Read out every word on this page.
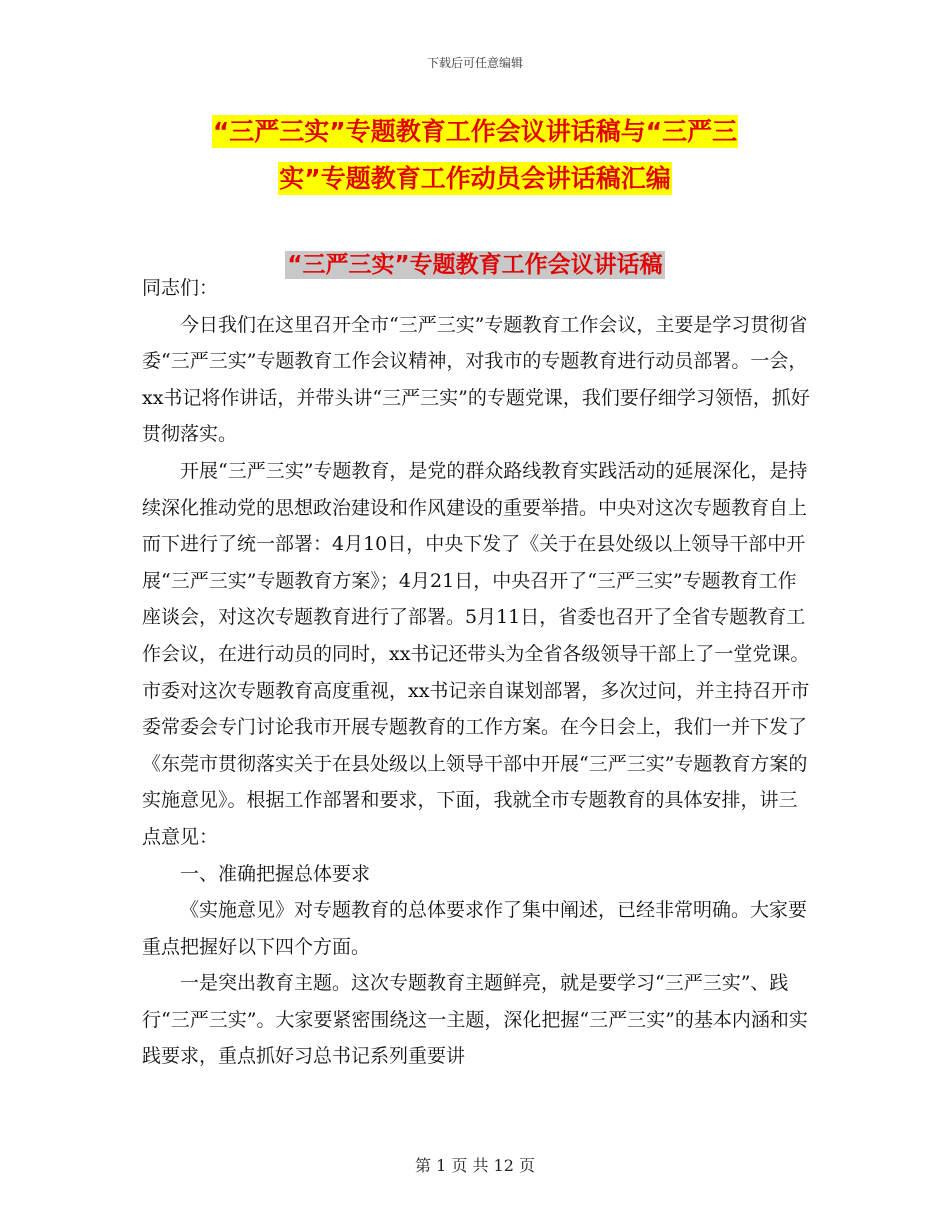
下载后可任意编辑
“三严三实”专题教育工作会议讲话稿与“三严三
实”专题教育工作动员会讲话稿汇编
“三严三实”专题教育工作会议讲话稿

同志们：

今日我们在这里召开全市“三严三实”专题教育工作会议，主要是学习贯彻省委“三严三实”专题教育工作会议精神，对我市的专题教育进行动员部署。一会，xx书记将作讲话，并带头讲“三严三实”的专题党课，我们要仔细学习领悟，抓好贯彻落实。

开展“三严三实”专题教育，是党的群众路线教育实践活动的延展深化，是持续深化推动党的思想政治建设和作风建设的重要举措。中央对这次专题教育自上而下进行了统一部署：4月10日，中央下发了《关于在县处级以上领导干部中开展“三严三实”专题教育方案》；4月21日，中央召开了“三严三实”专题教育工作座谈会，对这次专题教育进行了部署。5月11日，省委也召开了全省专题教育工作会议，在进行动员的同时，xx书记还带头为全省各级领导干部上了一堂党课。市委对这次专题教育高度重视，xx书记亲自谋划部署，多次过问，并主持召开市委常委会专门讨论我市开展专题教育的工作方案。在今日会上，我们一并下发了《东莞市贯彻落实关于在县处级以上领导干部中开展“三严三实”专题教育方案的实施意见》。根据工作部署和要求，下面，我就全市专题教育的具体安排，讲三点意见：

一、准确把握总体要求

《实施意见》对专题教育的总体要求作了集中阐述，已经非常明确。大家要重点把握好以下四个方面。

一是突出教育主题。这次专题教育主题鲜亮，就是要学习“三严三实”、践行“三严三实”。大家要紧密围绕这一主题，深化把握“三严三实”的基本内涵和实践要求，重点抓好习总书记系列重要讲

第 1 页 共 12 页
